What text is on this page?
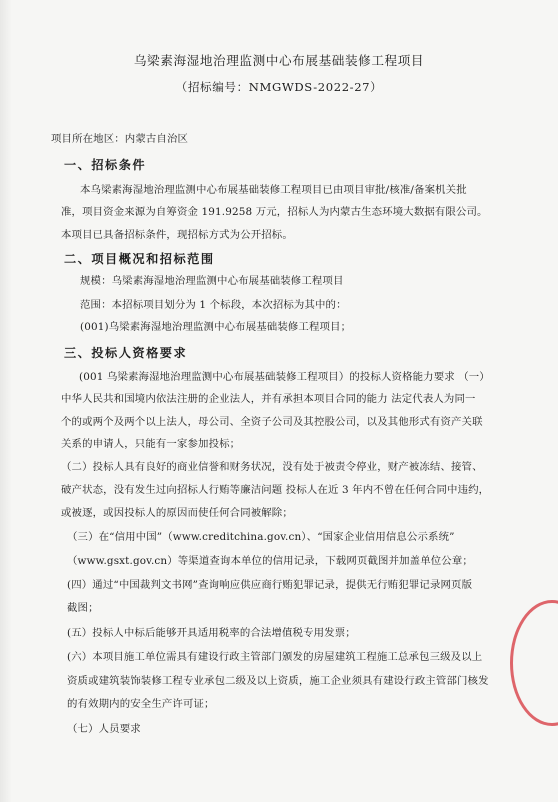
乌梁素海湿地治理监测中心布展基础装修工程项目
（招标编号：NMGWDS-2022-27）
项目所在地区：内蒙古自治区
一、招标条件
本乌梁素海湿地治理监测中心布展基础装修工程项目已由项目审批/核准/备案机关批
准，项目资金来源为自筹资金 191.9258 万元，招标人为内蒙古生态环境大数据有限公司。
本项目已具备招标条件，现招标方式为公开招标。
二、项目概况和招标范围
规模：乌梁素海湿地治理监测中心布展基础装修工程项目
范围：本招标项目划分为 1 个标段，本次招标为其中的：
(001)乌梁素海湿地治理监测中心布展基础装修工程项目；
三、投标人资格要求
(001 乌梁素海湿地治理监测中心布展基础装修工程项目）的投标人资格能力要求 （一）
中华人民共和国境内依法注册的企业法人，并有承担本项目合同的能力 法定代表人为同一
个的或两个及两个以上法人，母公司、全资子公司及其控股公司，以及其他形式有资产关联
关系的申请人，只能有一家参加投标；
（二）投标人具有良好的商业信誉和财务状况，没有处于被责令停业，财产被冻结、接管、
破产状态，没有发生过向招标人行贿等廉洁问题 投标人在近 3 年内不曾在任何合同中违约，
或被逐，或因投标人的原因而使任何合同被解除；
（三）在“信用中国”（www.creditchina.gov.cn）、“国家企业信用信息公示系统”
（www.gsxt.gov.cn）等渠道查询本单位的信用记录，下载网页截图并加盖单位公章；
(四）通过“中国裁判文书网”查询响应供应商行贿犯罪记录，提供无行贿犯罪记录网页版
截图；
(五）投标人中标后能够开具适用税率的合法增值税专用发票；
(六）本项目施工单位需具有建设行政主管部门颁发的房屋建筑工程施工总承包三级及以上
资质或建筑装饰装修工程专业承包二级及以上资质，施工企业须具有建设行政主管部门核发
的有效期内的安全生产许可证；
（七）人员要求
